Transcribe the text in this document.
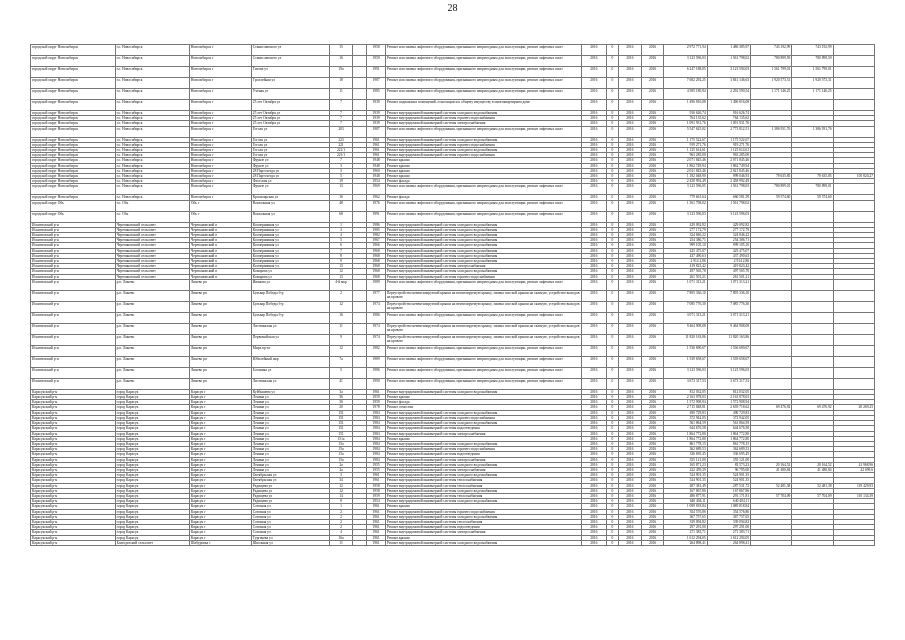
28
городской округ Новосибирск	г.о. Новосибирск	Новосибирск г	Станиславского ул	15		1958	Ремонт или замена лифтового оборудования, признанного непригодным для эксплуатации, ремонт лифтовых шахт	2016	0	2016	2016	2 972 771,94	1 486 385,97	743 192,99	743 192,99	
городской округ Новосибирск	г.о. Новосибирск	Новосибирск г	Станиславского ул	16		1959	Ремонт или замена лифтового оборудования, признанного непригодным для эксплуатации, ремонт лифтовых шахт	2016	0	2016	2016	3 123 596,03	1 561 798,02	780 899,59	780 899,59	
городской округ Новосибирск	г.о. Новосибирск	Новосибирск г	Титова ул	19а		1991	Ремонт или замена лифтового оборудования, признанного непригодным для эксплуатации, ремонт лифтовых шахт	2016	0	2016	2016	6 247 188,05	3 123 594,03	1 561 799,01	1 561 799,01	
городской округ Новосибирск	г.о. Новосибирск	Новосибирск г	Троллейная ул	18		1987	Ремонт или замена лифтового оборудования, признанного непригодным для эксплуатации, ремонт лифтовых шахт	2016	0	2016	2016	7 682 292,25	3 841 146,63	1 920 573,31	1 920 573,31	
городской округ Новосибирск	г.о. Новосибирск	Новосибирск г	Учёная ул	11		1985	Ремонт или замена лифтового оборудования, признанного непригодным для эксплуатации, ремонт лифтовых шахт	2016	0	2016	2016	4 585 180,94	2 292 590,54	1 171 146,25	1 171 146,25	
городской округ Новосибирск	г.о. Новосибирск	Новосибирск г	25 лет Октября ул	7		1939	Ремонт подвальных помещений, относящихся к общему имуществу в многоквартирном доме	2016	0	2016	2016	1 496 816,08	1 496 816,08			
городской округ Новосибирск	г.о. Новосибирск	Новосибирск г	25 лет Октября ул	7		1939	Ремонт внутридомовой инженерной системы холодного водоснабжения	2016	0	2016	2016	916 626,74	916 626,74			
городской округ Новосибирск	г.о. Новосибирск	Новосибирск г	25 лет Октября ул	7		1939	Ремонт внутридомовой инженерной системы горячего водоснабжения	2016	0	2016	2016	764 135,62	764 135,62			
городской округ Новосибирск	г.о. Новосибирск	Новосибирск г	25 лет Октября ул	7		1939	Ремонт внутридомовой инженерной системы электроснабжения	2016	0	2016	2016	1 091 931,76	1 091 931,76			
городской округ Новосибирск	г.о. Новосибирск	Новосибирск г	Гоголя ул	203		1987	Ремонт или замена лифтового оборудования, признанного непригодным для эксплуатации, ремонт лифтовых шахт	2016	0	2016	2016	5 547 625,02	2 773 812,51	1 386 931,76	1 386 931,76	
городской округ Новосибирск	г.о. Новосибирск	Новосибирск г	Гоголя ул	223		1961	Ремонт внутридомовой инженерной системы холодного водоснабжения	2016	0	2016	2016	1 175 522,67	1 175 522,67			
городской округ Новосибирск	г.о. Новосибирск	Новосибирск г	Гоголя ул	221		1961	Ремонт внутридомовой инженерной системы горячего водоснабжения	2016	0	2016	2016	919 271,76	919 271,76			
городской округ Новосибирск	г.о. Новосибирск	Новосибирск г	Гоголя ул	221/1		1961	Ремонт внутридомовой инженерной системы холодного водоснабжения	2016	0	2016	2016	1 125 614,61	1 125 614,61			
городской округ Новосибирск	г.о. Новосибирск	Новосибирск г	Гоголя ул	221/1		1961	Ремонт внутридомовой инженерной системы горячего водоснабжения	2016	0	2016	2016	963 285,00	963 285,00			
городской округ Новосибирск	г.о. Новосибирск	Новосибирск г	Фрунзе ул	7		1948	Ремонт крыши	2016	0	2016	2016	2 071 845,46	2 071 845,46			
городской округ Новосибирск	г.о. Новосибирск	Новосибирск г	Фрунзе ул	3		1948	Ремонт крыши	2016	0	2016	2016	1 862 749,94	1 862 749,94			
городской округ Новосибирск	г.о. Новосибирск	Новосибирск г	28 Партсъезда ул	3		1960	Ремонт крыши	2016	0	2016	2016	2 021 845,46	2 021 845,46			
городской округ Новосибирск	г.о. Новосибирск	Новосибирск г	28 Партсъезда ул	5		1948	Ремонт крыши	2016	0	2016	2016	1 182 048,90	999 046,93	78 635,85	78 635,85	105 820,27
городской округ Новосибирск	г.о. Новосибирск	Новосибирск г	Флотская ул	19		1954	Ремонт фасада	2016	0	2016	2016	2 458 992,49	2 458 992,49			
городской округ Новосибирск	г.о. Новосибирск	Новосибирск г	Фрунзе ул	13		1969	Ремонт или замена лифтового оборудования, признанного непригодным для эксплуатации, ремонт лифтовых шахт	2016	0	2016	2016	3 123 596,05	1 561 798,03	780 899,01	780 899,01	
городской округ Новосибирск	г.о. Новосибирск	Новосибирск г	Красноярская ул	16		1962	Ремонт фасада	2016	0	2016	2016	779 661,64	660 581,59	59 574,60	59 574,60	
городской округ Обь	г.о. Обь	Обь г	Вокзальная ул	48		1976	Ремонт или замена лифтового оборудования, признанного непригодным для эксплуатации, ремонт лифтовых шахт	2016	0	2016	2016	1 561 798,02	1 561 798,02			
городской округ Обь	г.о. Обь	Обь г	Вокзальная ул	68		1991	Ремонт или замена лифтового оборудования, признанного непригодным для эксплуатации, ремонт лифтовых шахт	2016	0	2016	2016	3 123 596,03	3 123 596,03			
Искитимский р-н	Черепановский сельсовет	Черепановский п	Коопераивная ул	1		1986	Ремонт внутридомовой инженерной системы холодного водоснабжения	2016	0	2016	2016	429 092,82	429 092,82			
Искитимский р-н	Черепановский сельсовет	Черепановский п	Коопераивная ул	3		1985	Ремонт внутридомовой инженерной системы холодного водоснабжения	2016	0	2016	2016	277 172,79	277 172,79			
Искитимский р-н	Черепановский сельсовет	Черепановский п	Коопераивная ул	4		1982	Ремонт внутридомовой инженерной системы холодного водоснабжения	2016	0	2016	2016	324 846,22	324 846,22			
Искитимский р-н	Черепановский сельсовет	Черепановский п	Коопераивная ул	5		1967	Ремонт внутридомовой инженерной системы холодного водоснабжения	2016	0	2016	2016	254 386,71	254 386,71			
Искитимский р-н	Черепановский сельсовет	Черепановский п	Коопераивная ул	6		1966	Ремонт внутридомовой инженерной системы холодного водоснабжения	2016	0	2016	2016	999 105,10	999 105,10			
Искитимский р-н	Черепановский сельсовет	Черепановский п	Коопераивная ул	7		1968	Ремонт внутридомовой инженерной системы холодного водоснабжения	2016	0	2016	2016	425 475,07	425 475,07			
Искитимский р-н	Черепановский сельсовет	Черепановский п	Коопераивная ул	8		1968	Ремонт внутридомовой инженерной системы холодного водоснабжения	2016	0	2016	2016	437 490,63	437 490,63			
Искитимский р-н	Черепановский сельсовет	Черепановский п	Коопераивная ул	9		1968	Ремонт внутридомовой инженерной системы холодного водоснабжения	2016	0	2016	2016	2 914 2,86	2 914 2,86			
Искитимский р-н	Черепановский сельсовет	Черепановский п	Коопераивная ул	13		1968	Ремонт внутридомовой инженерной системы электроснабжения	2016	0	2016	2016	419 823,42	419 823,42			
Искитимский р-н	Черепановский сельсовет	Черепановский п	Комарова ул	12		1968	Ремонт внутридомовой инженерной системы холодного водоснабжения	2016	0	2016	2016	497 565,78	497 565,78			
Искитимский р-н	Черепановский сельсовет	Черепановский п	Комарова ул	13		1968	Ремонт внутридомовой инженерной системы горячего водоснабжения	2016	0	2016	2016	261 501,21	261 501,21			
Искитимский р-н	р.п. Линево	Линево рп	Иванова ул	4-й мкр		1989	Ремонт или замена лифтового оборудования, признанного непригодным для эксплуатации, ремонт лифтовых шахт	2016	0	2016	2016	1 071 313,21	1 071 313,21			
Искитимский р-н	р.п. Линево	Линево рп	Бульвар Победы б-р	2		1977	Переустройство невентилируемой крыши на вентилируемую крышу, замена плоской крыши на скатную, устройство выходов на кровлю	2016	0	2016	2016	7 895 336,10	7 895 336,10			
Искитимский р-н	р.п. Линево	Линево рп	Бульвар Победы б-р	12		1974	Переустройство невентилируемой крыши на вентилируемую крышу, замена плоской крыши на скатную, устройство выходов на кровлю	2016	0	2016	2016	7 085 776,30	7 085 776,30			
Искитимский р-н	р.п. Линево	Линево рп	Бульвар Победы б-р	16		1986	Ремонт или замена лифтового оборудования, признанного непригодным для эксплуатации, ремонт лифтовых шахт	2016	0	2016	2016	3 071 313,21	3 071 313,21			
Искитимский р-н	р.п. Линево	Линево рп	Листвянская ул	11		1974	Переустройство невентилируемой крыши на вентилируемую крышу, замена плоской крыши на скатную, устройство выходов на кровлю	2016	0	2016	2016	9 464 908,08	9 464 908,08			
Искитимский р-н	р.п. Линево	Линево рп	Первомайская ул	9		1974	Переустройство невентилируемой крыши на вентилируемую крышу, замена плоской крыши на скатную, устройство выходов на кровлю	2016	0	2016	2016	11 820 163,86	11 820 163,86			
Искитимский р-н	р.п. Линево	Линево рп	Мира пр-кт	12		1982	Ремонт или замена лифтового оборудования, признанного непригодным для эксплуатации, ремонт лифтовых шахт	2016	0	2016	2016	1 536 690,67	1 536 690,67			
Искитимский р-н	р.п. Линево	Линево рп	Юбилейный мкр	7а		1989	Ремонт или замена лифтового оборудования, признанного непригодным для эксплуатации, ремонт лифтовых шахт	2016	0	2016	2016	1 539 658,67	1 539 658,67			
Искитимский р-н	р.п. Линево	Линево рп	Ботаника ул	5		1986	Ремонт или замена лифтового оборудования, признанного непригодным для эксплуатации, ремонт лифтовых шахт	2016	0	2016	2016	3 123 596,03	3 123 596,03			
Искитимский р-н	р.п. Линево	Линево рп	Листвянская ул	41		1990	Ремонт или замена лифтового оборудования, признанного непригодным для эксплуатации, ремонт лифтовых шахт	2016	0	2016	2016	3 673 317,53	3 673 317,53			
Карасукский р-н	город Карасук	Карасук г	Куйбышева ул	3а		1961	Ремонт внутридомовой инженерной системы холодного водоснабжения	2016	0	2016	2016	812 032,05	812 032,05			
Карасукский р-н	город Карасук	Карасук г	Ленина ул	36		1959	Ремонт крыши	2016	0	2016	2016	2 163 978,03	2 163 978,03			
Карасукский р-н	город Карасук	Карасук г	Ленина ул	36		1959	Ремонт фасада	2016	0	2016	2016	1 572 908,94	1 572 908,94			
Карасукский р-н	город Карасук	Карасук г	Ленина ул	20		1978	Ремонт отмостки	2016	0	2016	2016	2 715 848,81	2 639 718,62	69 476,92	69 476,92	20 269,25
Карасукский р-н	город Карасук	Карасук г	Ленина ул	151		1984	Ремонт внутридомовой инженерной системы холодного водоснабжения	2016	0	2016	2016	490 729,83	490 729,83			
Карасукский р-н	город Карасук	Карасук г	Ленина ул	151		1984	Ремонт внутридомовой инженерной системы горячего водоснабжения	2016	0	2016	2016	372 942,05	372 942,05			
Карасукский р-н	город Карасук	Карасук г	Ленина ул	151		1984	Ремонт внутридомовой инженерной системы холодного водоснабжения	2016	0	2016	2016	561 864,59	561 864,59			
Карасукский р-н	город Карасук	Карасук г	Ленина ул	151		1984	Ремонт внутридомовой инженерной системы водоотведения	2016	0	2016	2016	644 676,58	644 676,58			
Карасукский р-н	город Карасук	Карасук г	Ленина ул	151		1984	Ремонт внутридомовой инженерной системы электроснабжения	2016	0	2016	2016	1 864 772,80	1 864 772,80			
Карасукский р-н	город Карасук	Карасук г	Ленина ул	151а		1984	Ремонт крыши	2016	0	2016	2016	1 864 772,80	1 864 772,80			
Карасукский р-н	город Карасук	Карасук г	Ленина ул	15а		1984	Ремонт внутридомовой инженерной системы холодного водоснабжения	2016	0	2016	2016	861 778,15	861 778,15			
Карасукский р-н	город Карасук	Карасук г	Ленина ул	15а		1984	Ремонт внутридомовой инженерной системы горячего водоснабжения	2016	0	2016	2016	362 689,53	362 689,53			
Карасукский р-н	город Карасук	Карасук г	Ленина ул	15а		1984	Ремонт внутридомовой инженерной системы водоотведения	2016	0	2016	2016	336 695,45	336 695,45			
Карасукский р-н	город Карасук	Карасук г	Ленина ул	15а		1984	Ремонт внутридомовой инженерной системы электроснабжения	2016	0	2016	2016	355 121,00	355 121,00			
Карасукский р-н	город Карасук	Карасук г	Ленина ул	2а		1955	Ремонт внутридомовой инженерной системы холодного водоснабжения	2016	0	2016	2016	165 871,23	83 573,23	20 164,52	20 164,52	41 968,96
Карасукский р-н	город Карасук	Карасук г	Ленина ул	2а		1955	Ремонт внутридомовой инженерной системы электроснабжения	2016	0	2016	2016	222 459,39	96 795,60	41 480,84	41 480,84	42 699,6
Карасукский р-н	город Карасук	Карасук г	Октябрьская ул	3		1961	Ремонт внутридомовой инженерной системы холодного водоснабжения	2016	0	2016	2016	524 901,35	524 901,35			
Карасукский р-н	город Карасук	Карасук г	Октябрьская ул	34		1961	Ремонт внутридомовой инженерной системы теплоснабжения	2016	0	2016	2016	524 901,35	524 901,35			
Карасукский р-н	город Карасук	Карасук г	Радищева ул	12		1958	Ремонт внутридомовой инженерной системы теплоснабжения	2016	0	2016	2016	487 381,49	287 531,72	52 481,38	52 481,38	119 429,93
Карасукский р-н	город Карасук	Карасук г	Радищева ул	12		1958	Ремонт внутридомовой инженерной системы холодного водоснабжения	2016	0	2016	2016	167 867,86	167 867,86			
Карасукский р-н	город Карасук	Карасук г	Радищева ул	14		1959	Ремонт внутридомовой инженерной системы теплоснабжения	2016	0	2016	2016	486 877,91	291 171,81	57 704,09	57 704,09	110 134,39
Карасукский р-н	город Карасук	Карасук г	Радищева ул	8		1954	Ремонт внутридомовой инженерной системы холодного водоснабжения	2016	0	2016	2016	640 404,11	640 404,11			
Карасукский р-н	город Карасук	Карасук г	Союзная ул	1		1961	Ремонт крыши	2016	0	2016	2016	1 089 818,84	1 089 818,84			
Карасукский р-н	город Карасук	Карасук г	Союзная ул	2		1961	Ремонт внутридомовой инженерной системы горячего водоснабжения	2016	0	2016	2016	354 576,86	354 576,86			
Карасукский р-н	город Карасук	Карасук г	Союзная ул	2		1961	Ремонт внутридомовой инженерной системы холодного водоснабжения	2016	0	2016	2016	367 757,65	367 757,65			
Карасукский р-н	город Карасук	Карасук г	Союзная ул	2		1961	Ремонт внутридомовой инженерной системы теплоснабжения	2016	0	2016	2016	339 094,82	339 094,82			
Карасукский р-н	город Карасук	Карасук г	Союзная ул	2		1961	Ремонт внутридомовой инженерной системы водоотведения	2016	0	2016	2016	297 291,00	297 291,00			
Карасукский р-н	город Карасук	Карасук г	Союзная ул	4		1961	Ремонт внутридомовой инженерной системы электроснабжения	2016	0	2016	2016	271 383,71	271 383,71			
Карасукский р-н	город Карасук	Карасук г	Тургенева ул	16а		1961	Ремонт крыши	2016	0	2016	2016	1 612 294,05	1 612 294,05			
Карасукский р-н	Благодатский сельсовет	Шабуровка с	Школьная ул	11		1961	Ремонт внутридомовой инженерной системы холодного водоснабжения	2016	0	2016	2016	264 898,41	264 898,41			
